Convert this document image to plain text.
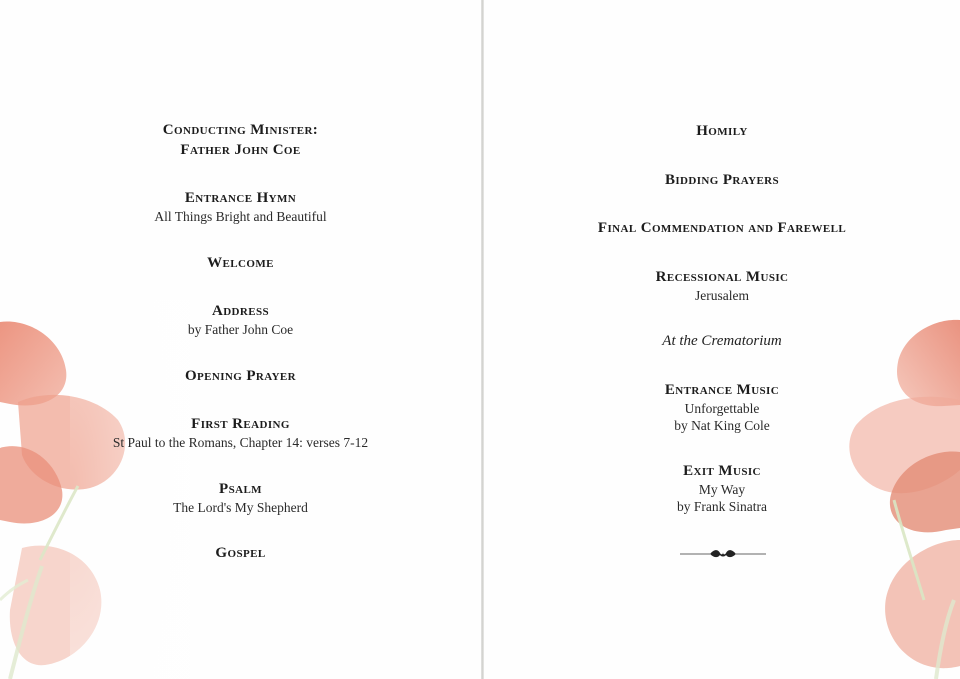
Conducting Minister:
Father John Coe
Entrance Hymn
All Things Bright and Beautiful
Welcome
Address
by Father John Coe
Opening Prayer
First Reading
St Paul to the Romans, Chapter 14: verses 7-12
Psalm
The Lord's My Shepherd
Gospel
Homily
Bidding Prayers
Final Commendation and Farewell
Recessional Music
Jerusalem
At the Crematorium
Entrance Music
Unforgettable
by Nat King Cole
Exit Music
My Way
by Frank Sinatra
